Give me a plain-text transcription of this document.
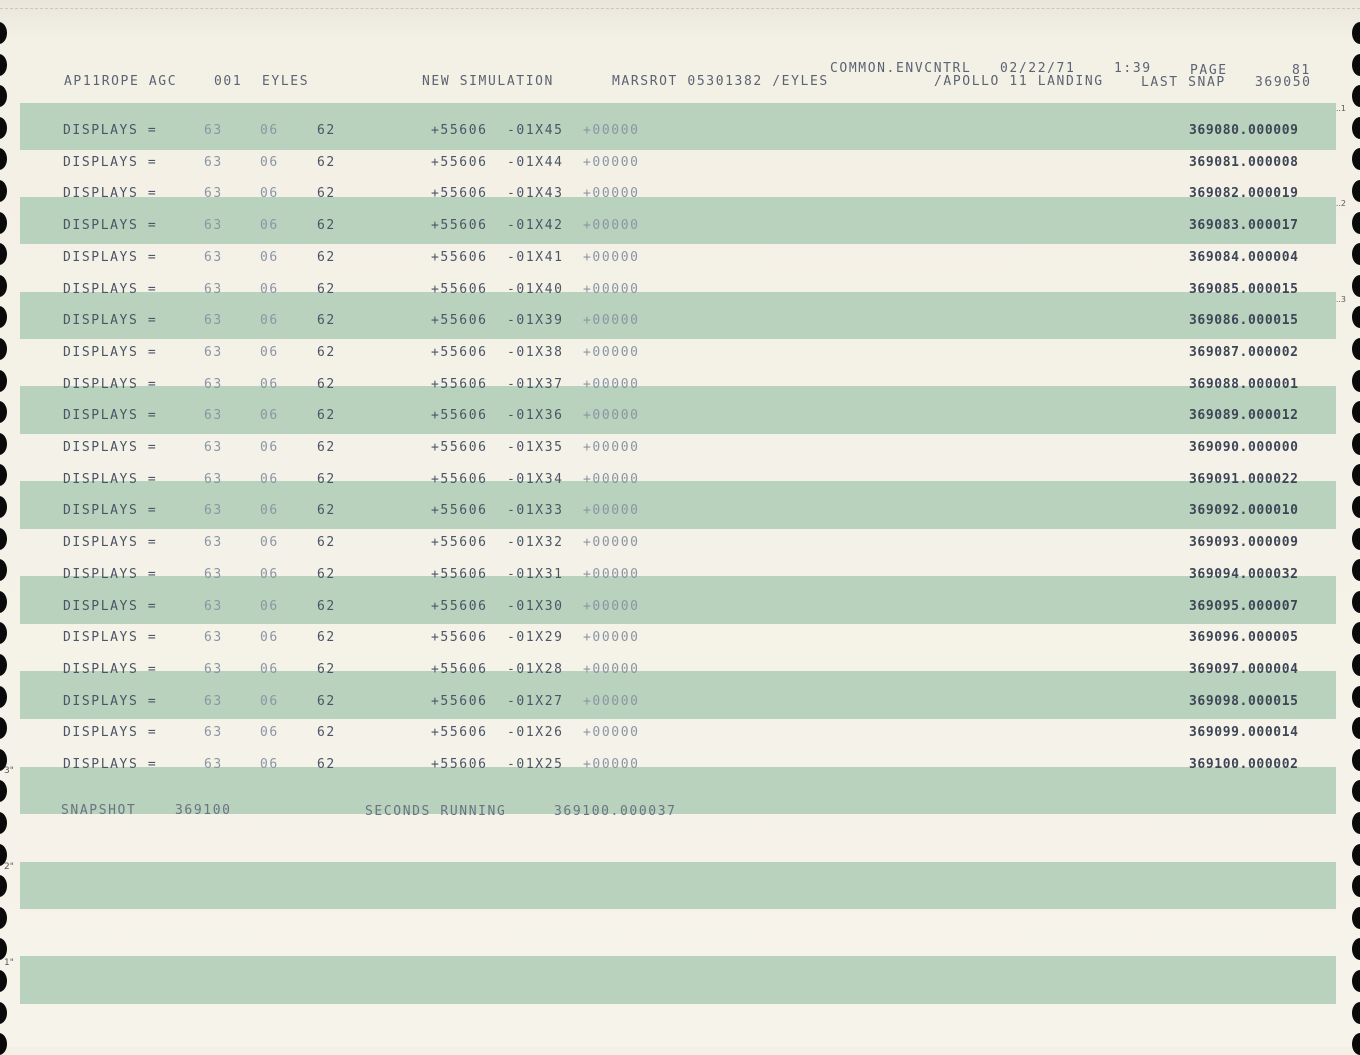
AP11ROPE AGC	001 EYLES	NEW SIMULATION	MARSROT 05301382 /EYLES
COMMON.ENVCNTRL
/APOLLO 11 LANDING
02/22/71	1:39	PAGE	81
LAST SNAP 369050
DISPLAYS =	63	06	62	+55606 -01X45 +00000	369080.000009
DISPLAYS =	63	06	62	+55606 -01X44 +00000	369081.000008
DISPLAYS =	63	06	62	+55606 -01X43 +00000	369082.000019
DISPLAYS =	63	06	62	+55606 -01X42 +00000	369083.000017
DISPLAYS =	63	06	62	+55606 -01X41 +00000	369084.000004
DISPLAYS =	63	06	62	+55606 -01X40 +00000	369085.000015
DISPLAYS =	63	06	62	+55606 -01X39 +00000	369086.000015
DISPLAYS =	63	06	62	+55606 -01X38 +00000	369087.000002
DISPLAYS =	63	06	62	+55606 -01X37 +00000	369088.000001
DISPLAYS =	63	06	62	+55606 -01X36 +00000	369089.000012
DISPLAYS =	63	06	62	+55606 -01X35 +00000	369090.000000
DISPLAYS =	63	06	62	+55606 -01X34 +00000	369091.000022
DISPLAYS =	63	06	62	+55606 -01X33 +00000	369092.000010
DISPLAYS =	63	06	62	+55606 -01X32 +00000	369093.000009
DISPLAYS =	63	06	62	+55606 -01X31 +00000	369094.000032
DISPLAYS =	63	06	62	+55606 -01X30 +00000	369095.000007
DISPLAYS =	63	06	62	+55606 -01X29 +00000	369096.000005
DISPLAYS =	63	06	62	+55606 -01X28 +00000	369097.000004
DISPLAYS =	63	06	62	+55606 -01X27 +00000	369098.000015
DISPLAYS =	63	06	62	+55606 -01X26 +00000	369099.000014
DISPLAYS =	63	06	62	+55606 -01X25 +00000	369100.000002
SNAPSHOT	369100	SECONDS RUNNING	369100.000037
3"
2"
1"
..1
..2
..3
